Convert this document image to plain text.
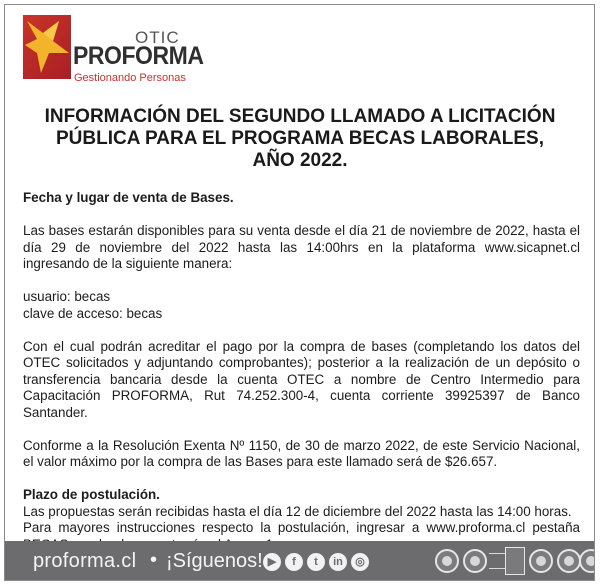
OTIC
PROFORMA
Gestionando Personas
INFORMACIÓN DEL SEGUNDO LLAMADO A LICITACIÓN PÚBLICA PARA EL PROGRAMA BECAS LABORALES, AÑO 2022.

Fecha y lugar de venta de Bases.

Las bases estarán disponibles para su venta desde el día 21 de noviembre de 2022, hasta el día 29 de noviembre del 2022 hasta las 14:00hrs en la plataforma www.sicapnet.cl ingresando de la siguiente manera:

usuario: becas

clave de acceso: becas

Con el cual podrán acreditar el pago por la compra de bases (completando los datos del OTEC solicitados y adjuntando comprobantes); posterior a la realización de un depósito o transferencia bancaria desde la cuenta OTEC a nombre de Centro Intermedio para Capacitación PROFORMA, Rut 74.252.300-4, cuenta corriente 39925397 de Banco Santander.

Conforme a la Resolución Exenta Nº 1150, de 30 de marzo 2022, de este Servicio Nacional, el valor máximo por la compra de las Bases para este llamado será de $26.657.

Plazo de postulación.

Las propuestas serán recibidas hasta el día 12 de diciembre del 2022 hasta las 14:00 horas.

Para mayores instrucciones respecto la postulación, ingresar a www.proforma.cl pestaña

proforma.cl • ¡Síguenos! ▶	f	t	in	◎
